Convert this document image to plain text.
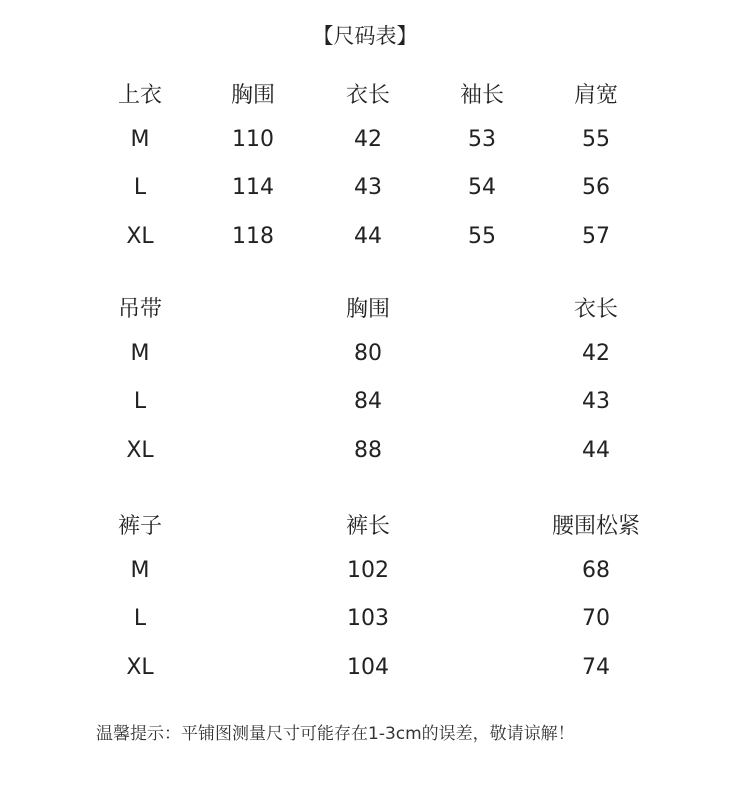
【尺码表】
上衣	胸围	衣长	袖长	肩宽
M	110	42	53	55
L	114	43	54	56
XL	118	44	55	57
吊带	胸围	衣长
M	80	42
L	84	43
XL	88	44
裤子	裤长	腰围松紧
M	102	68
L	103	70
XL	104	74
温馨提示：平铺图测量尺寸可能存在1-3cm的误差，敬请谅解！
